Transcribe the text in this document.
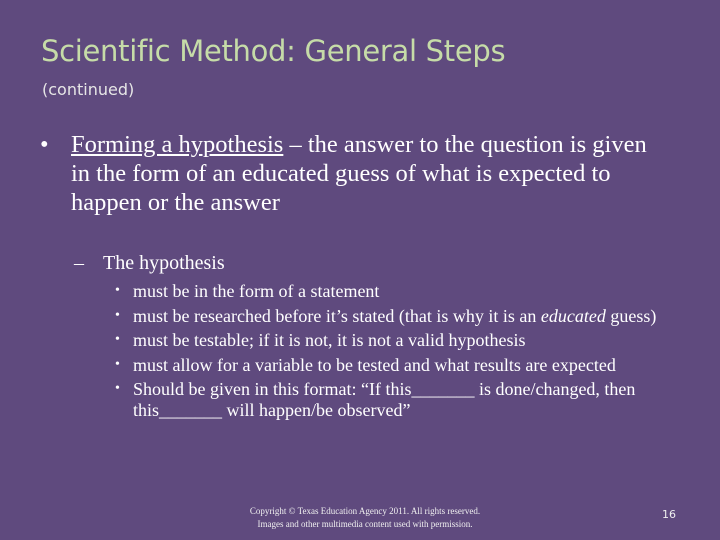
Scientific Method: General Steps
(continued)
• Forming a hypothesis – the answer to the question is given in the form of an educated guess of what is expected to happen or the answer
– The hypothesis
• must be in the form of a statement
• must be researched before it’s stated (that is why it is an educated guess)
• must be testable; if it is not, it is not a valid hypothesis
• must allow for a variable to be tested and what results are expected
• Should be given in this format: “If this_______ is done/changed, then this_______ will happen/be observed”
Copyright © Texas Education Agency 2011. All rights reserved.
Images and other multimedia content used with permission.
16
